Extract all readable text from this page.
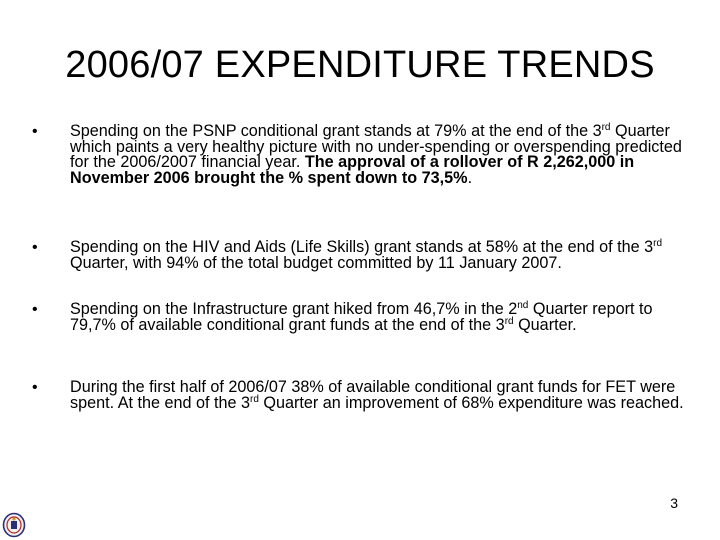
2006/07 EXPENDITURE TRENDS
• Spending on the PSNP conditional grant stands at 79% at the end of the 3rd Quarter which paints a very healthy picture with no under-spending or overspending predicted for the 2006/2007 financial year. The approval of a rollover of R 2,262,000 in November 2006 brought the % spent down to 73,5%.
• Spending on the HIV and Aids (Life Skills) grant stands at 58% at the end of the 3rd Quarter, with 94% of the total budget committed by 11 January 2007.
• Spending on the Infrastructure grant hiked from 46,7% in the 2nd Quarter report to 79,7% of available conditional grant funds at the end of the 3rd Quarter.
• During the first half of 2006/07 38% of available conditional grant funds for FET were spent. At the end of the 3rd Quarter an improvement of 68% expenditure was reached.
3
